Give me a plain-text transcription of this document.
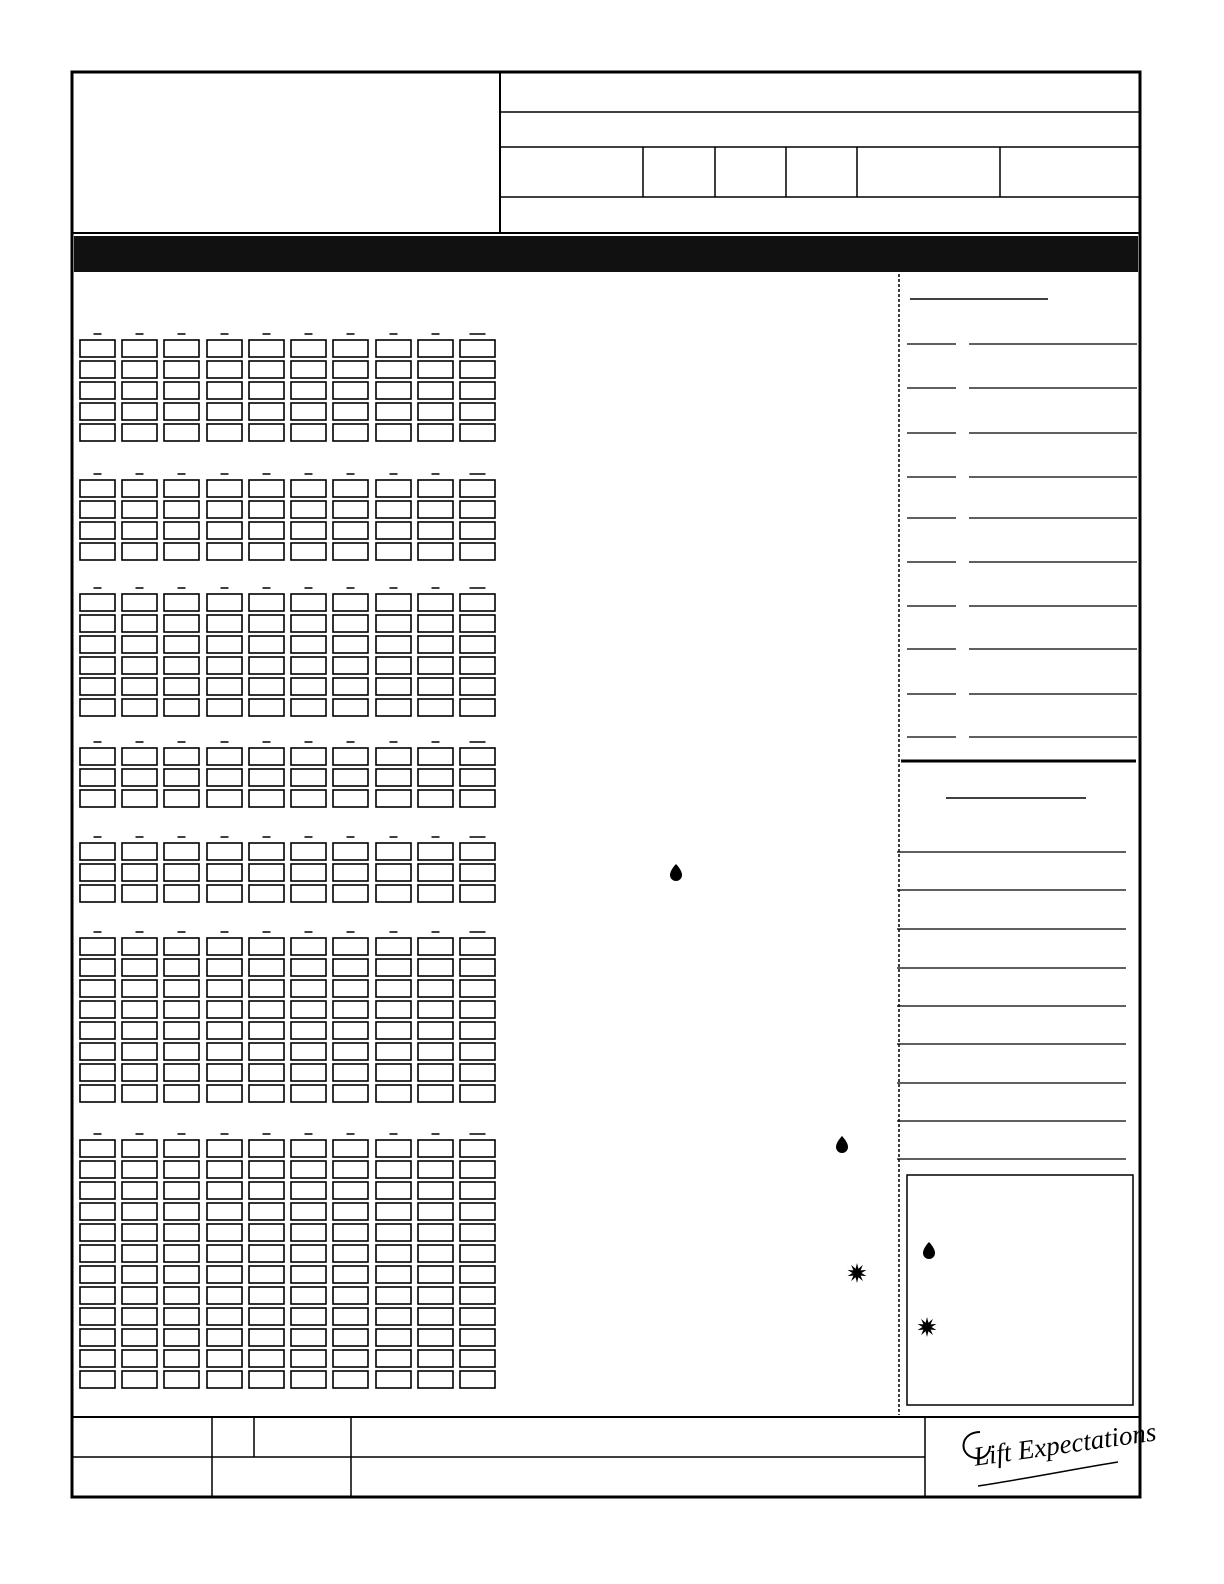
Lift Expectations
